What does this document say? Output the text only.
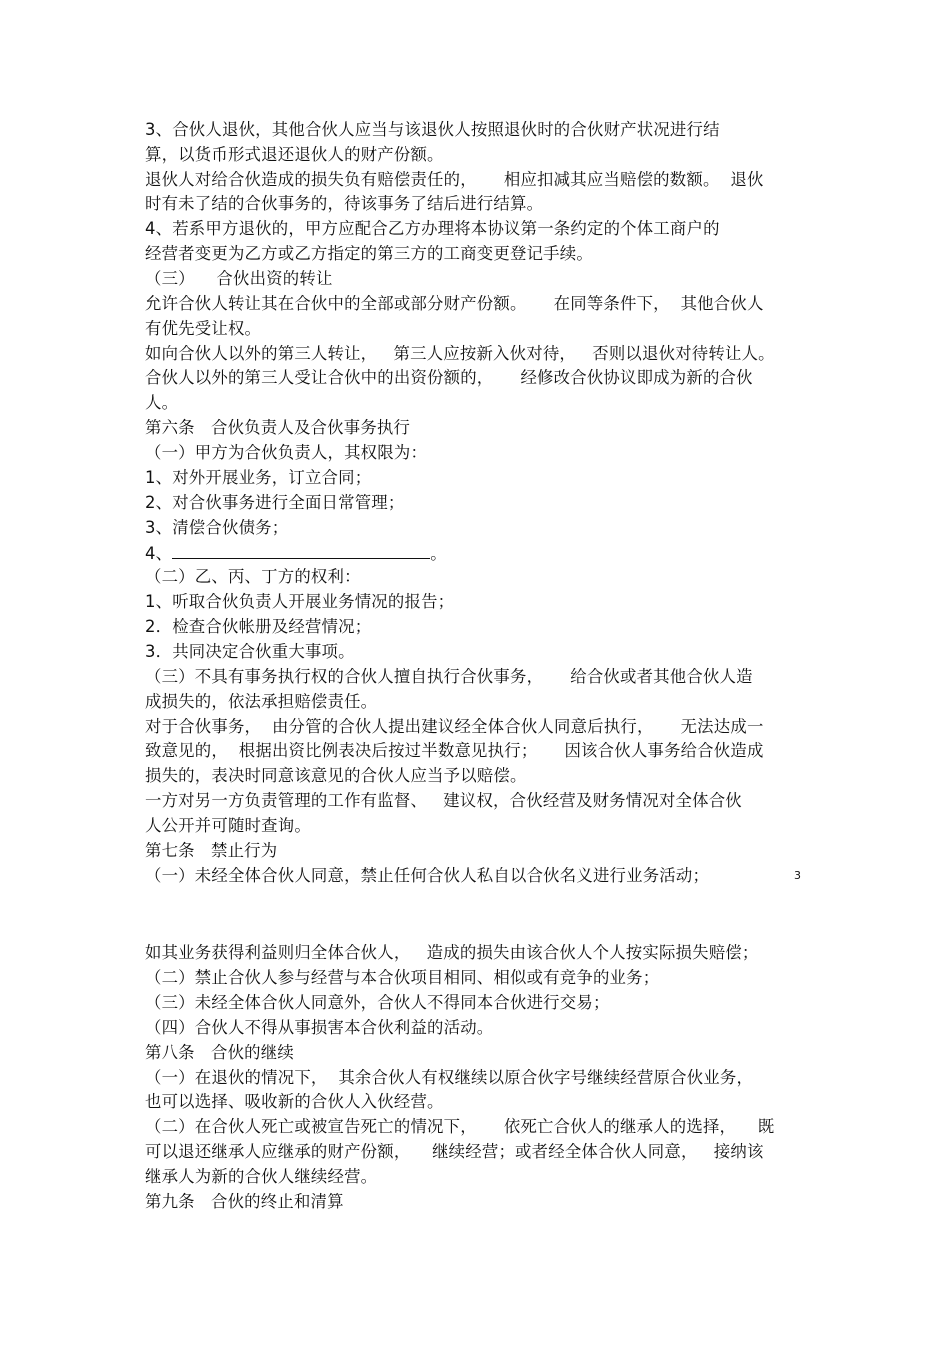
3、合伙人退伙，其他合伙人应当与该退伙人按照退伙时的合伙财产状况进行结
算，以货币形式退还退伙人的财产份额。
退伙人对给合伙造成的损失负有赔偿责任的，     相应扣减其应当赔偿的数额。  退伙
时有未了结的合伙事务的，待该事务了结后进行结算。
4、若系甲方退伙的，甲方应配合乙方办理将本协议第一条约定的个体工商户的
经营者变更为乙方或乙方指定的第三方的工商变更登记手续。
（三）    合伙出资的转让
允许合伙人转让其在合伙中的全部或部分财产份额。     在同等条件下，  其他合伙人
有优先受让权。
如向合伙人以外的第三人转让，   第三人应按新入伙对待，   否则以退伙对待转让人。
合伙人以外的第三人受让合伙中的出资份额的，     经修改合伙协议即成为新的合伙
人。
第六条   合伙负责人及合伙事务执行
（一）甲方为合伙负责人，其权限为：
1、对外开展业务，订立合同；
2、对合伙事务进行全面日常管理；
3、清偿合伙债务；
4、	。
（二）乙、丙、丁方的权利：
1、听取合伙负责人开展业务情况的报告；
2．检查合伙帐册及经营情况；
3．共同决定合伙重大事项。
（三）不具有事务执行权的合伙人擅自执行合伙事务，     给合伙或者其他合伙人造
成损失的，依法承担赔偿责任。
对于合伙事务，  由分管的合伙人提出建议经全体合伙人同意后执行，     无法达成一
致意见的，  根据出资比例表决后按过半数意见执行；     因该合伙人事务给合伙造成
损失的，表决时同意该意见的合伙人应当予以赔偿。
一方对另一方负责管理的工作有监督、   建议权，合伙经营及财务情况对全体合伙
人公开并可随时查询。
第七条   禁止行为
（一）未经全体合伙人同意，禁止任何合伙人私自以合伙名义进行业务活动；	3
如其业务获得利益则归全体合伙人，   造成的损失由该合伙人个人按实际损失赔偿；
（二）禁止合伙人参与经营与本合伙项目相同、相似或有竞争的业务；
（三）未经全体合伙人同意外，合伙人不得同本合伙进行交易；
（四）合伙人不得从事损害本合伙利益的活动。
第八条   合伙的继续
（一）在退伙的情况下，  其余合伙人有权继续以原合伙字号继续经营原合伙业务，
也可以选择、吸收新的合伙人入伙经营。
（二）在合伙人死亡或被宣告死亡的情况下，     依死亡合伙人的继承人的选择，    既
可以退还继承人应继承的财产份额，    继续经营；或者经全体合伙人同意，   接纳该
继承人为新的合伙人继续经营。
第九条   合伙的终止和清算
